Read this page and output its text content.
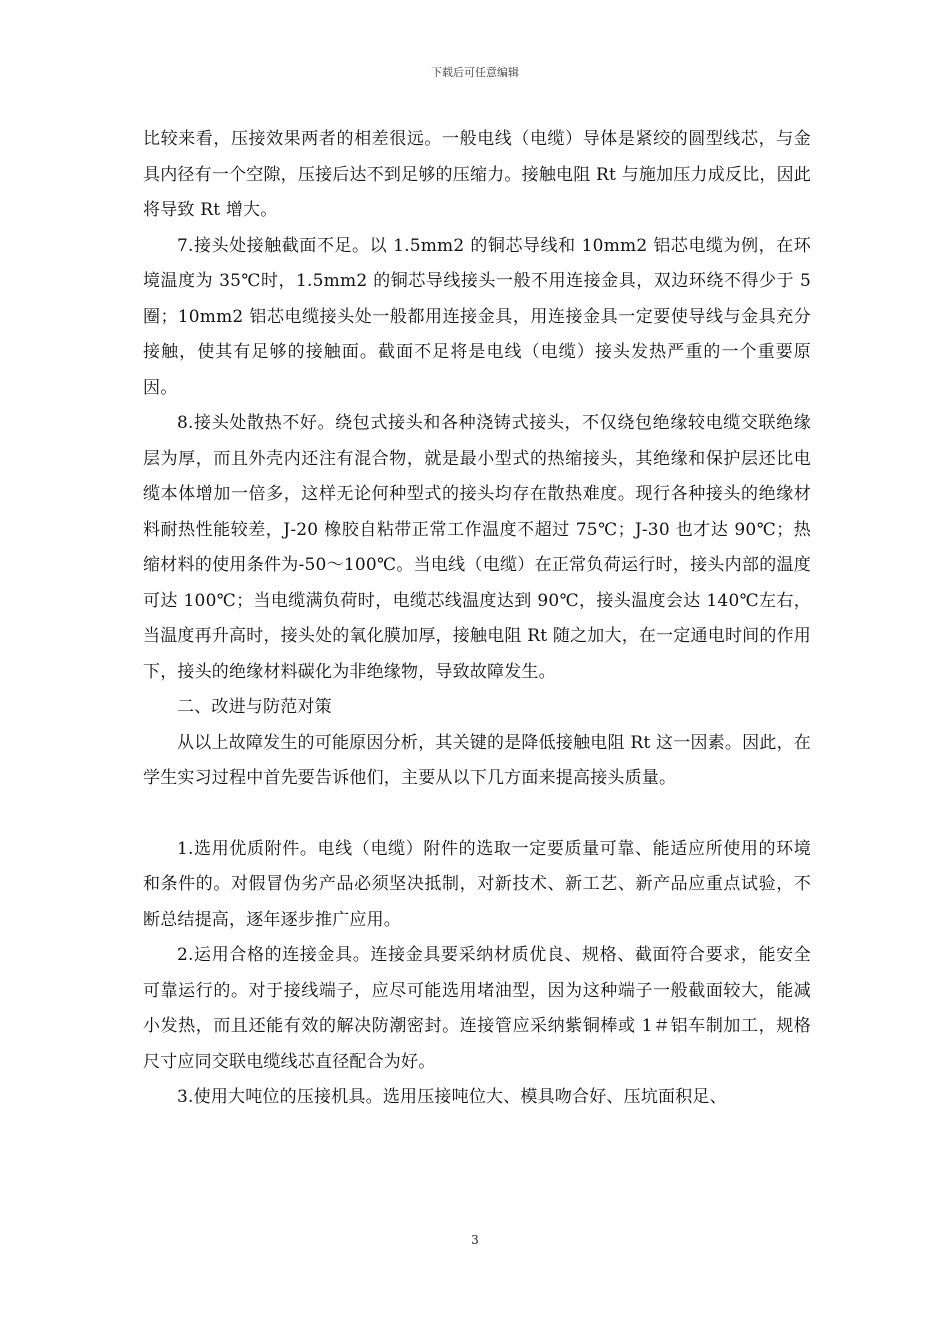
下载后可任意编辑

比较来看，压接效果两者的相差很远。一般电线（电缆）导体是紧绞的圆型线芯，与金具内径有一个空隙，压接后达不到足够的压缩力。接触电阻 Rt 与施加压力成反比，因此将导致 Rt 增大。

7.接头处接触截面不足。以 1.5mm2 的铜芯导线和 10mm2 铝芯电缆为例，在环境温度为 35℃时，1.5mm2 的铜芯导线接头一般不用连接金具，双边环绕不得少于 5 圈；10mm2 铝芯电缆接头处一般都用连接金具，用连接金具一定要使导线与金具充分接触，使其有足够的接触面。截面不足将是电线（电缆）接头发热严重的一个重要原因。

8.接头处散热不好。绕包式接头和各种浇铸式接头，不仅绕包绝缘较电缆交联绝缘层为厚，而且外壳内还注有混合物，就是最小型式的热缩接头，其绝缘和保护层还比电缆本体增加一倍多，这样无论何种型式的接头均存在散热难度。现行各种接头的绝缘材料耐热性能较差，J-20 橡胶自粘带正常工作温度不超过 75℃；J-30 也才达 90℃；热缩材料的使用条件为-50～100℃。当电线（电缆）在正常负荷运行时，接头内部的温度可达 100℃；当电缆满负荷时，电缆芯线温度达到 90℃，接头温度会达 140℃左右，当温度再升高时，接头处的氧化膜加厚，接触电阻 Rt 随之加大，在一定通电时间的作用下，接头的绝缘材料碳化为非绝缘物，导致故障发生。

二、改进与防范对策

从以上故障发生的可能原因分析，其关键的是降低接触电阻 Rt 这一因素。因此，在学生实习过程中首先要告诉他们，主要从以下几方面来提高接头质量。

1.选用优质附件。电线（电缆）附件的选取一定要质量可靠、能适应所使用的环境和条件的。对假冒伪劣产品必须坚决抵制，对新技术、新工艺、新产品应重点试验，不断总结提高，逐年逐步推广应用。

2.运用合格的连接金具。连接金具要采纳材质优良、规格、截面符合要求，能安全可靠运行的。对于接线端子，应尽可能选用堵油型，因为这种端子一般截面较大，能减小发热，而且还能有效的解决防潮密封。连接管应采纳紫铜棒或 1＃铝车制加工，规格尺寸应同交联电缆线芯直径配合为好。

3.使用大吨位的压接机具。选用压接吨位大、模具吻合好、压坑面积足、

3
